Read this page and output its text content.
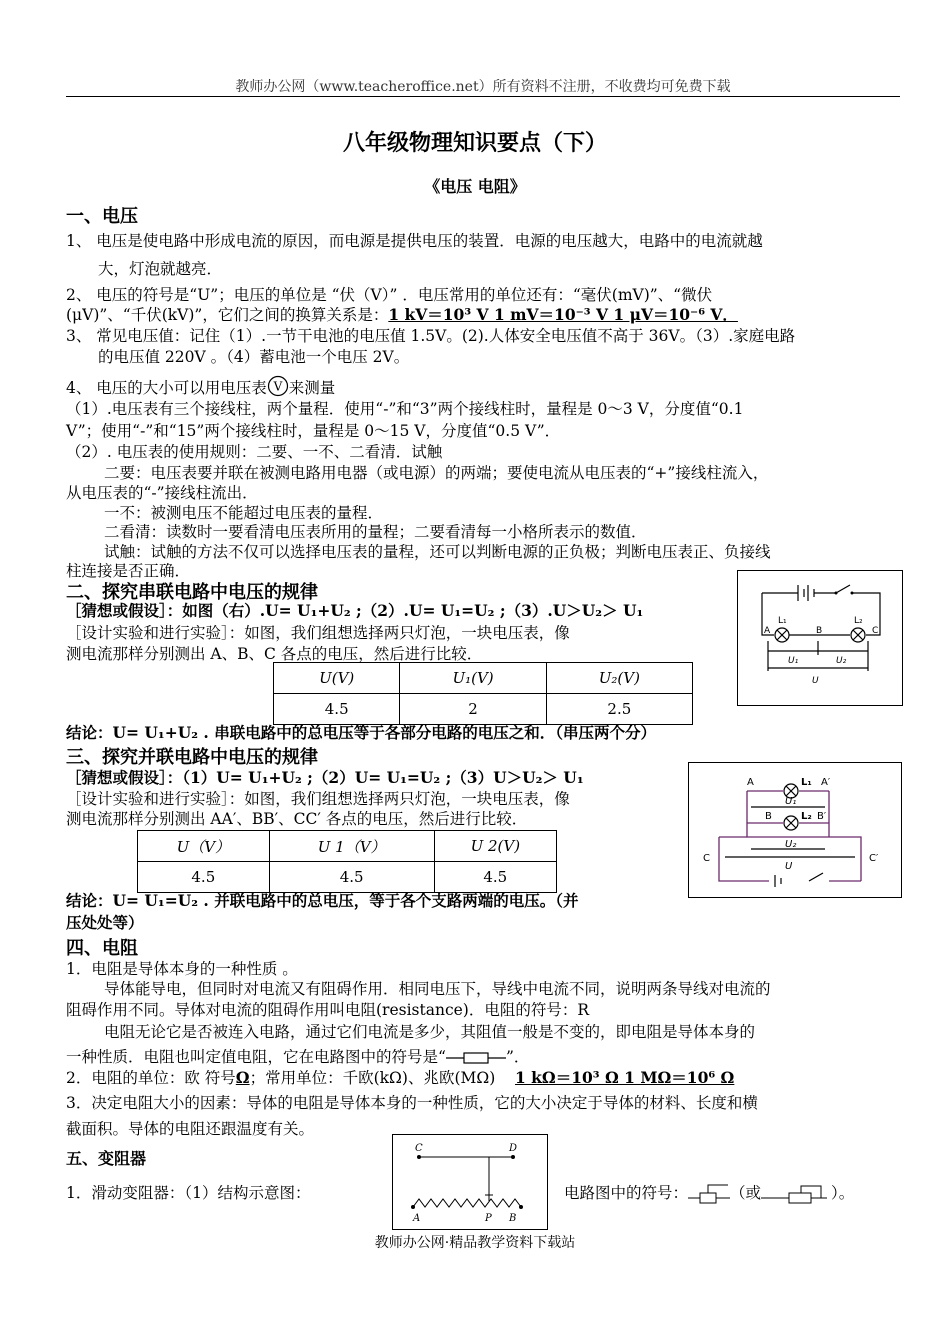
教师办公网（www.teacheroffice.net）所有资料不注册，不收费均可免费下载
八年级物理知识要点（下）
《电压 电阻》
一、电压
1、 电压是使电路中形成电流的原因，而电源是提供电压的装置．电源的电压越大，电路中的电流就越
大，灯泡就越亮．
2、 电压的符号是“U”；电压的单位是 “伏（V）” ．电压常用的单位还有：“毫伏(mV)”、“微伏
(μV)”、“千伏(kV)”，它们之间的换算关系是：1 kV＝10³ V 1 mV＝10⁻³ V 1 μV＝10⁻⁶ V．
3、 常见电压值：记住（1）.一节干电池的电压值 1.5V。(2).人体安全电压值不高于 36V。（3）.家庭电路
的电压值 220V 。（4）蓄电池一个电压 2V。
4、 电压的大小可以用电压表 V 来测量
（1）.电压表有三个接线柱，两个量程．使用“-”和“3”两个接线柱时，量程是 0～3 V，分度值“0.1
V”；使用“-”和“15”两个接线柱时，量程是 0～15 V，分度值“0.5 V”．
（2）. 电压表的使用规则：二要、一不、二看清．试触
二要：电压表要并联在被测电路用电器（或电源）的两端；要使电流从电压表的“+”接线柱流入，
从电压表的“-”接线柱流出．
一不：被测电压不能超过电压表的量程．
二看清：读数时一要看清电压表所用的量程；二要看清每一小格所表示的数值．
试触：试触的方法不仅可以选择电压表的量程，还可以判断电源的正负极；判断电压表正、负接线
柱连接是否正确．
二、探究串联电路中电压的规律
［猜想或假设］：如图（右）.U= U₁+U₂ ;（2）.U= U₁=U₂ ;（3）.U＞U₂＞ U₁
［设计实验和进行实验］：如图，我们组想选择两只灯泡，一块电压表，像
测电流那样分别测出 A、B、C 各点的电压，然后进行比较．
U(V)	U₁(V)	U₂(V)
4.5	2	2.5
A	B	C
L₁	L₂
U₁	U₂
U
结论：U= U₁+U₂ . 串联电路中的总电压等于各部分电路的电压之和．（串压两个分）
三、探究并联电路中电压的规律
［猜想或假设］：（1）U= U₁+U₂ ;（2）U= U₁=U₂ ;（3）U＞U₂＞ U₁
［设计实验和进行实验］：如图，我们组想选择两只灯泡，一块电压表，像
测电流那样分别测出 AA′、BB′、CC′ 各点的电压，然后进行比较．
U（V）	U 1（V）	U 2(V)
4.5	4.5	4.5
A	A′
B	B′
C	C′
L₁
L₂
U₁
U₂
U
结论：U= U₁=U₂ . 并联电路中的总电压，等于各个支路两端的电压。（并
压处处等）
四、电阻
1．电阻是导体本身的一种性质 。
导体能导电，但同时对电流又有阻碍作用．相同电压下，导线中电流不同，说明两条导线对电流的
阻碍作用不同。导体对电流的阻碍作用叫电阻(resistance)．电阻的符号：R
电阻无论它是否被连入电路，通过它们电流是多少，其阻值一般是不变的，即电阻是导体本身的
一种性质．电阻也叫定值电阻，它在电路图中的符号是“	”．
2．电阻的单位：欧 符号Ω；常用单位：千欧(kΩ)、兆欧(MΩ) 1 kΩ＝10³ Ω 1 MΩ＝10⁶ Ω
3．决定电阻大小的因素：导体的电阻是导体本身的一种性质，它的大小决定于导体的材料、长度和横
截面积。导体的电阻还跟温度有关。
五、变阻器
1．滑动变阻器：（1）结构示意图：
C	D
A	P B
电路图中的符号：	（或	）。
教师办公网·精品教学资料下载站
